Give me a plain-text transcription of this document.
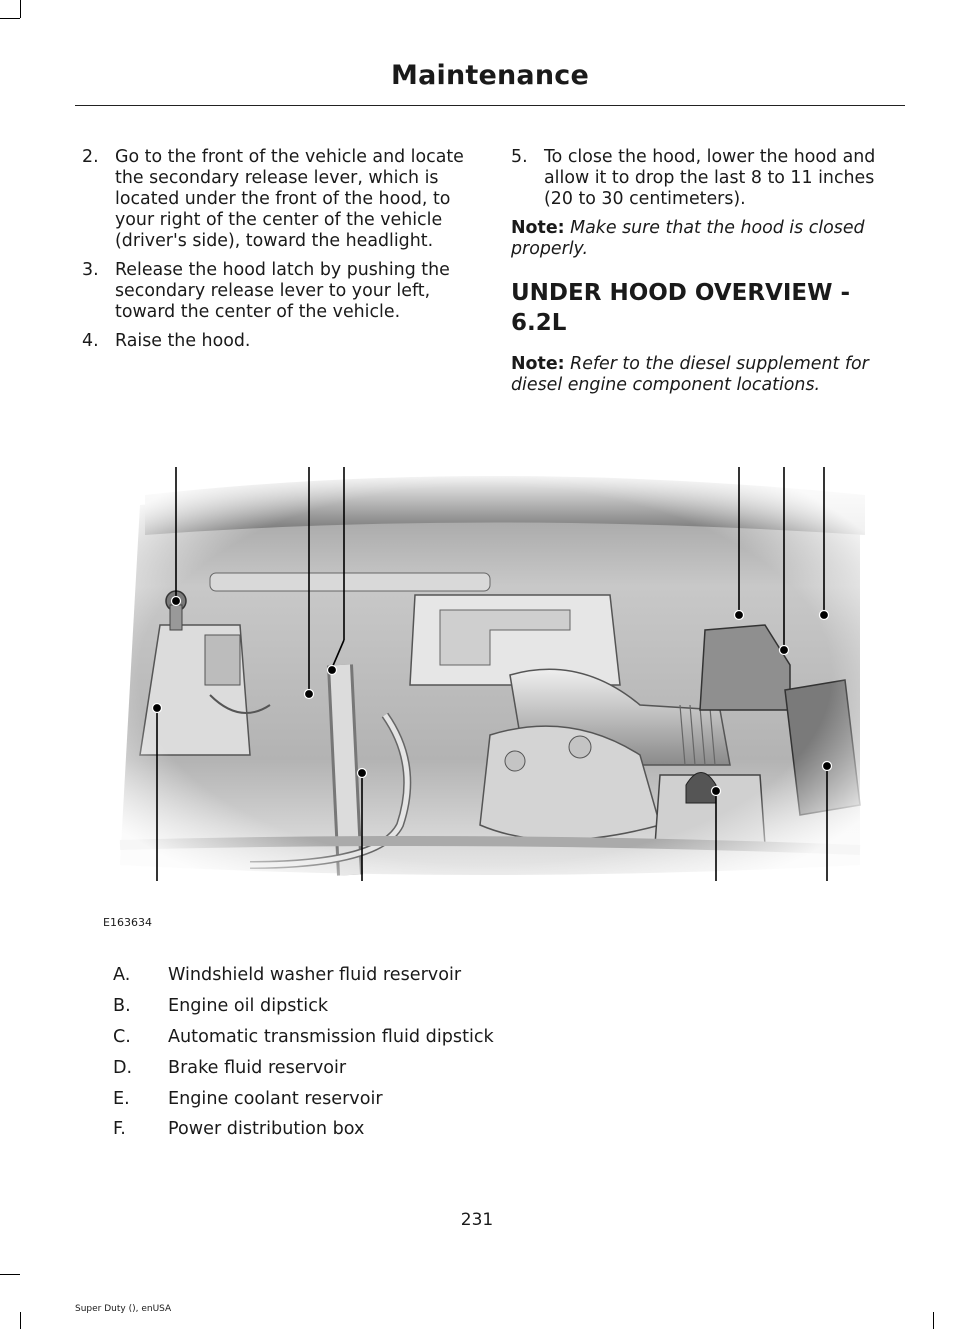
Maintenance
2. Go to the front of the vehicle and locate the secondary release lever, which is located under the front of the hood, to your right of the center of the vehicle (driver's side), toward the headlight.
3. Release the hood latch by pushing the secondary release lever to your left, toward the center of the vehicle.
4. Raise the hood.
5. To close the hood, lower the hood and allow it to drop the last 8 to 11 inches (20 to 30 centimeters).

Note: Make sure that the hood is closed properly.

UNDER HOOD OVERVIEW - 6.2L

Note: Refer to the diesel supplement for diesel engine component locations.

E163634
A.	Windshield washer fluid reservoir
B.	Engine oil dipstick
C.	Automatic transmission fluid dipstick
D.	Brake fluid reservoir
E.	Engine coolant reservoir
F.	Power distribution box
231
Super Duty (), enUSA
